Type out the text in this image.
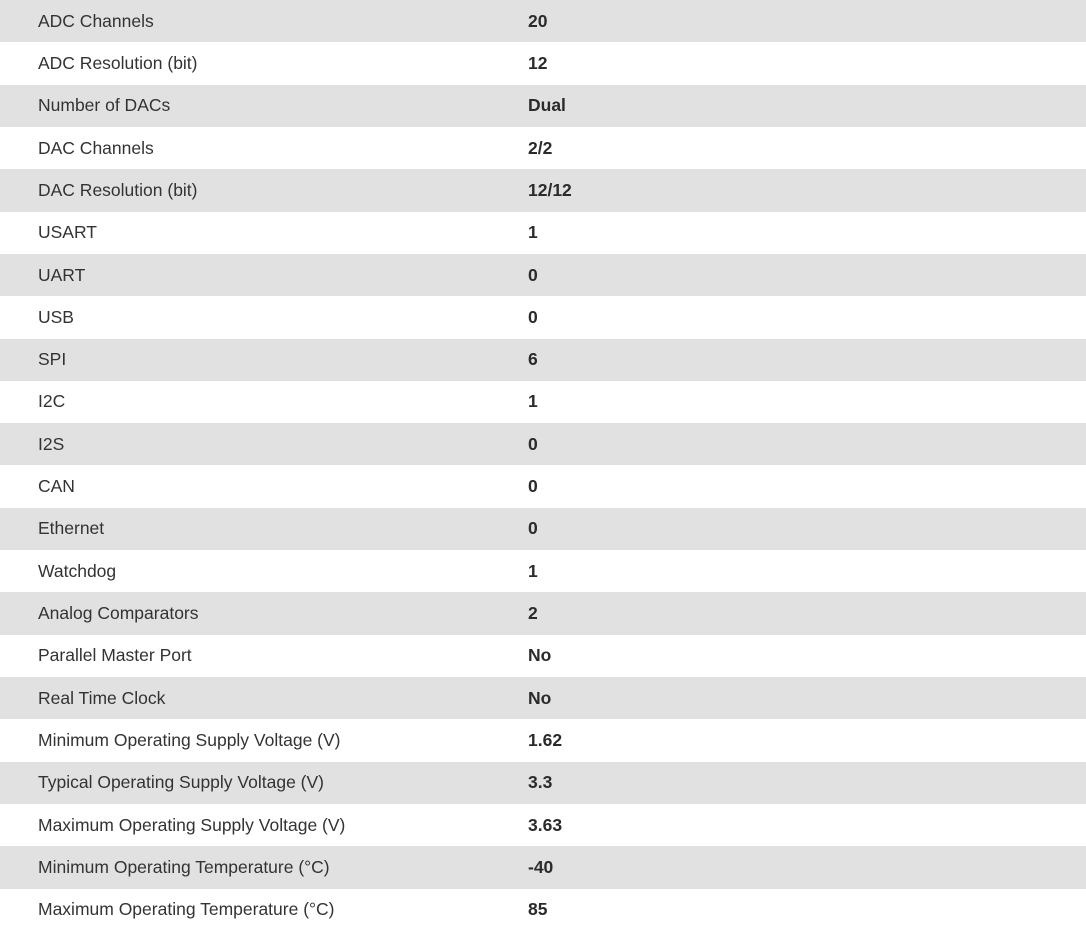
ADC Channels	20
ADC Resolution (bit)	12
Number of DACs	Dual
DAC Channels	2/2
DAC Resolution (bit)	12/12
USART	1
UART	0
USB	0
SPI	6
I2C	1
I2S	0
CAN	0
Ethernet	0
Watchdog	1
Analog Comparators	2
Parallel Master Port	No
Real Time Clock	No
Minimum Operating Supply Voltage (V)	1.62
Typical Operating Supply Voltage (V)	3.3
Maximum Operating Supply Voltage (V)	3.63
Minimum Operating Temperature (°C)	-40
Maximum Operating Temperature (°C)	85
